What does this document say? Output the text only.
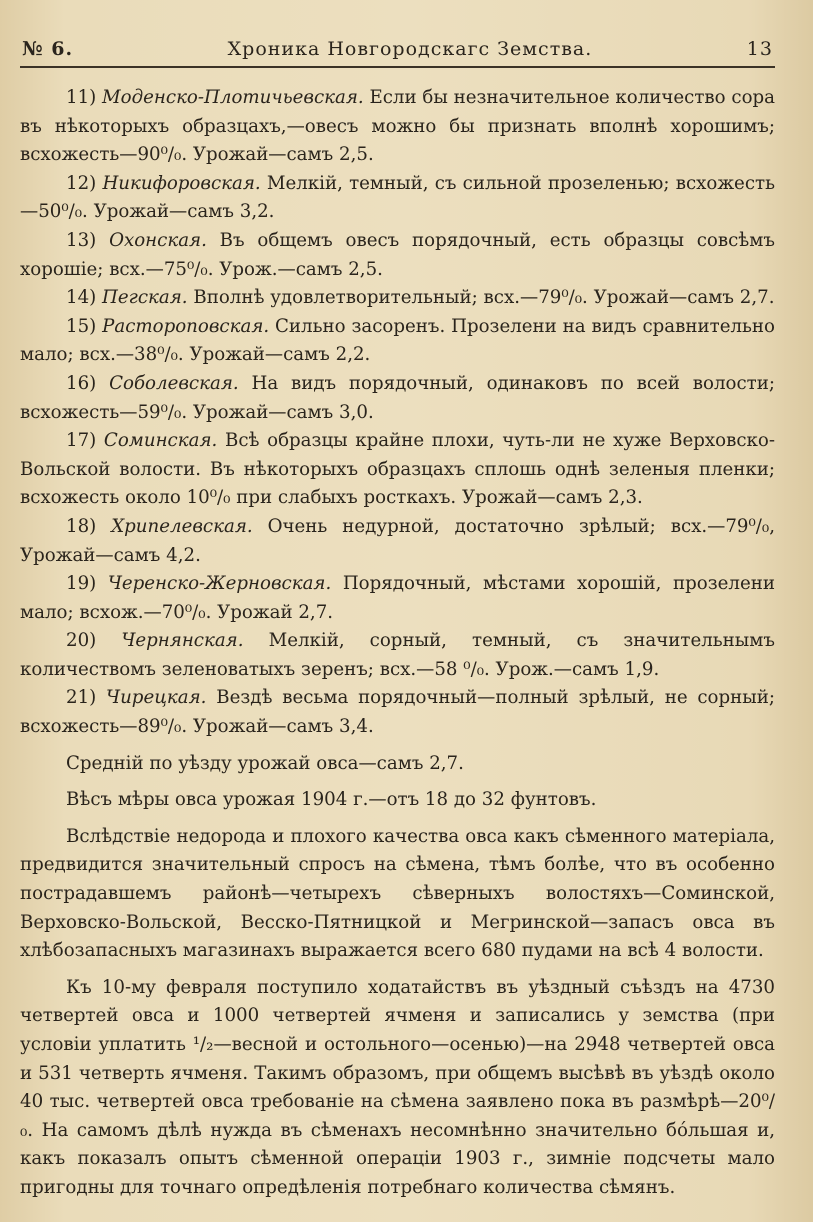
№ 6.	Хроника Новгородскагс Земства.	13

11) Моденско-Плотичьевская. Если бы незначительное количество сора въ нѣкоторыхъ образцахъ,—овесъ можно бы признать вполнѣ хорошимъ; всхожесть—90⁰/₀. Урожай—самъ 2,5.

12) Никифоровская. Мелкій, темный, съ сильной прозеленью; всхожесть—50⁰/₀. Урожай—самъ 3,2.

13) Охонская. Въ общемъ овесъ порядочный, есть образцы совсѣмъ хорошіе; всх.—75⁰/₀. Урож.—самъ 2,5.

14) Пегская. Вполнѣ удовлетворительный; всх.—79⁰/₀. Урожай—самъ 2,7.

15) Растороповская. Сильно засоренъ. Прозелени на видъ сравнительно мало; всх.—38⁰/₀. Урожай—самъ 2,2.

16) Соболевская. На видъ порядочный, одинаковъ по всей волости; всхожесть—59⁰/₀. Урожай—самъ 3,0.

17) Соминская. Всѣ образцы крайне плохи, чуть-ли не хуже Верховско-Вольской волости. Въ нѣкоторыхъ образцахъ сплошь однѣ зеленыя пленки; всхожесть около 10⁰/₀ при слабыхъ росткахъ. Урожай—самъ 2,3.

18) Хрипелевская. Очень недурной, достаточно зрѣлый; всх.—79⁰/₀, Урожай—самъ 4,2.

19) Черенско-Жерновская. Порядочный, мѣстами хорошій, прозелени мало; всхож.—70⁰/₀. Урожай 2,7.

20) Чернянская. Мелкій, сорный, темный, съ значительнымъ количествомъ зеленоватыхъ зеренъ; всх.—58 ⁰/₀. Урож.—самъ 1,9.

21) Чирецкая. Вездѣ весьма порядочный—полный зрѣлый, не сорный; всхожесть—89⁰/₀. Урожай—самъ 3,4.

Среднiй по уѣзду урожай овса—самъ 2,7.

Вѣсъ мѣры овса урожая 1904 г.—отъ 18 до 32 фунтовъ.

Вслѣдствіе недорода и плохого качества овса какъ сѣменного матеріала, предвидится значительный спросъ на сѣмена, тѣмъ болѣе, что въ особенно пострадавшемъ районѣ—четырехъ сѣверныхъ волостяхъ—Соминской, Верховско-Вольской, Весско-Пятницкой и Мегринской—запасъ овса въ хлѣбозапасныхъ магазинахъ выражается всего 680 пудами на всѣ 4 волости.

Къ 10-му февраля поступило ходатайствъ въ уѣздный съѣздъ на 4730 четвертей овса и 1000 четвертей ячменя и записались у земства (при условіи уплатить ¹/₂—весной и остольного—осенью)—на 2948 четвертей овса и 531 четверть ячменя. Такимъ образомъ, при общемъ высѣвѣ въ уѣздѣ около 40 тыс. четвертей овса требованіе на сѣмена заявлено пока въ размѣрѣ—20⁰/₀. На самомъ дѣлѣ нужда въ сѣменахъ несомнѣнно значительно бо́льшая и, какъ показалъ опытъ сѣменной операціи 1903 г., зимніе подсчеты мало пригодны для точнаго опредѣленія потребнаго количества сѣмянъ.
